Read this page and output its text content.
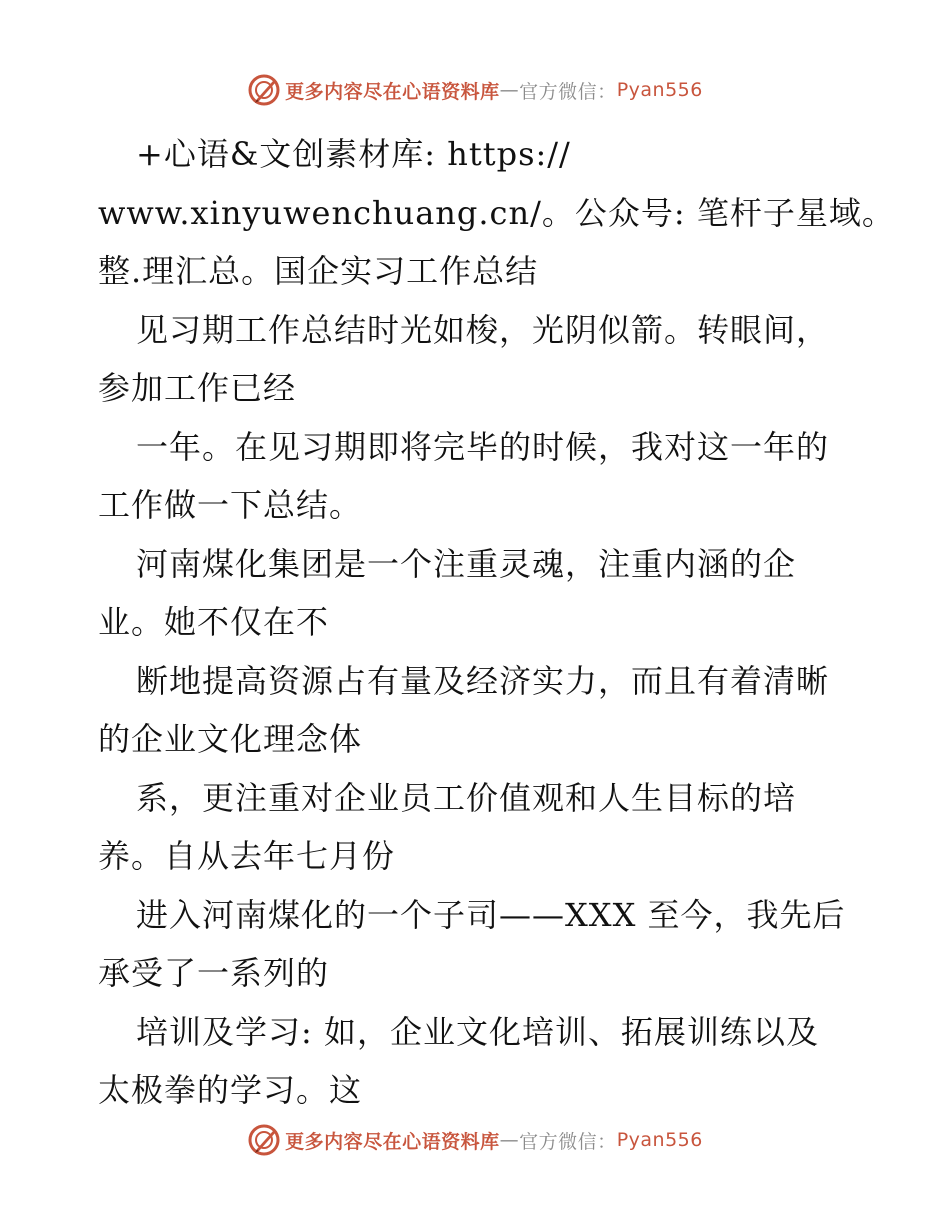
更多内容尽在心语资料库 — 官方微信： Pyan556
+心语&文创素材库: https://
www.xinyuwenchuang.cn/。公众号: 笔杆子星域。
整.理汇总。国企实习工作总结
见习期工作总结时光如梭，光阴似箭。转眼间，
参加工作已经
一年。在见习期即将完毕的时候，我对这一年的
工作做一下总结。
河南煤化集团是一个注重灵魂，注重内涵的企
业。她不仅在不
断地提高资源占有量及经济实力，而且有着清晰
的企业文化理念体
系，更注重对企业员工价值观和人生目标的培
养。自从去年七月份
进入河南煤化的一个子司——XXX 至今，我先后
承受了一系列的
培训及学习: 如，企业文化培训、拓展训练以及
太极拳的学习。这
更多内容尽在心语资料库 — 官方微信： Pyan556
